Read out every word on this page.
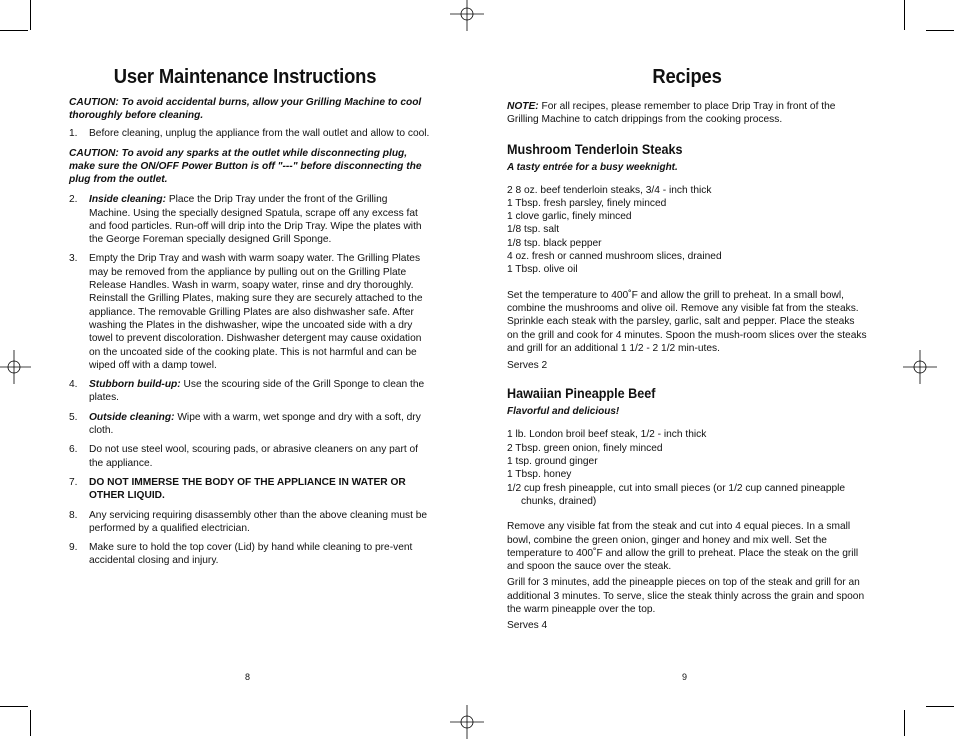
User Maintenance Instructions

CAUTION: To avoid accidental burns, allow your Grilling Machine to cool thoroughly before cleaning.

1. Before cleaning, unplug the appliance from the wall outlet and allow to cool.

CAUTION: To avoid any sparks at the outlet while disconnecting plug, make sure the ON/OFF Power Button is off "---" before disconnecting the plug from the outlet.

2. Inside cleaning: Place the Drip Tray under the front of the Grilling Machine. Using the specially designed Spatula, scrape off any excess fat and food particles. Run-off will drip into the Drip Tray. Wipe the plates with the George Foreman specially designed Grill Sponge.
3. Empty the Drip Tray and wash with warm soapy water. The Grilling Plates may be removed from the appliance by pulling out on the Grilling Plate Release Handles. Wash in warm, soapy water, rinse and dry thoroughly. Reinstall the Grilling Plates, making sure they are securely attached to the appliance. The removable Grilling Plates are also dishwasher safe. After washing the Plates in the dishwasher, wipe the uncoated side with a dry towel to prevent discoloration. Dishwasher detergent may cause oxidation on the uncoated side of the cooking plate. This is not harmful and can be wiped off with a damp towel.
4. Stubborn build-up: Use the scouring side of the Grill Sponge to clean the plates.
5. Outside cleaning: Wipe with a warm, wet sponge and dry with a soft, dry cloth.
6. Do not use steel wool, scouring pads, or abrasive cleaners on any part of the appliance.
7. DO NOT IMMERSE THE BODY OF THE APPLIANCE IN WATER OR OTHER LIQUID.
8. Any servicing requiring disassembly other than the above cleaning must be performed by a qualified electrician.
9. Make sure to hold the top cover (Lid) by hand while cleaning to pre-vent accidental closing and injury.
8
Recipes

NOTE: For all recipes, please remember to place Drip Tray in front of the Grilling Machine to catch drippings from the cooking process.

Mushroom Tenderloin Steaks

A tasty entrée for a busy weeknight.

2 8 oz. beef tenderloin steaks, 3/4 - inch thick

1 Tbsp. fresh parsley, finely minced

1 clove garlic, finely minced

1/8 tsp. salt

1/8 tsp. black pepper

4 oz. fresh or canned mushroom slices, drained

1 Tbsp. olive oil

Set the temperature to 400˚F and allow the grill to preheat. In a small bowl, combine the mushrooms and olive oil. Remove any visible fat from the steaks. Sprinkle each steak with the parsley, garlic, salt and pepper. Place the steaks on the grill and cook for 4 minutes. Spoon the mush-room slices over the steaks and grill for an additional 1 1/2 - 2 1/2 min-utes.

Serves 2

Hawaiian Pineapple Beef

Flavorful and delicious!

1 lb. London broil beef steak, 1/2 - inch thick

2 Tbsp. green onion, finely minced

1 tsp. ground ginger

1 Tbsp. honey

1/2 cup fresh pineapple, cut into small pieces (or 1/2 cup canned pineapple chunks, drained)

Remove any visible fat from the steak and cut into 4 equal pieces. In a small bowl, combine the green onion, ginger and honey and mix well. Set the temperature to 400˚F and allow the grill to preheat. Place the steak on the grill and spoon the sauce over the steak.

Grill for 3 minutes, add the pineapple pieces on top of the steak and grill for an additional 3 minutes. To serve, slice the steak thinly across the grain and spoon the warm pineapple over the top.

Serves 4

9
